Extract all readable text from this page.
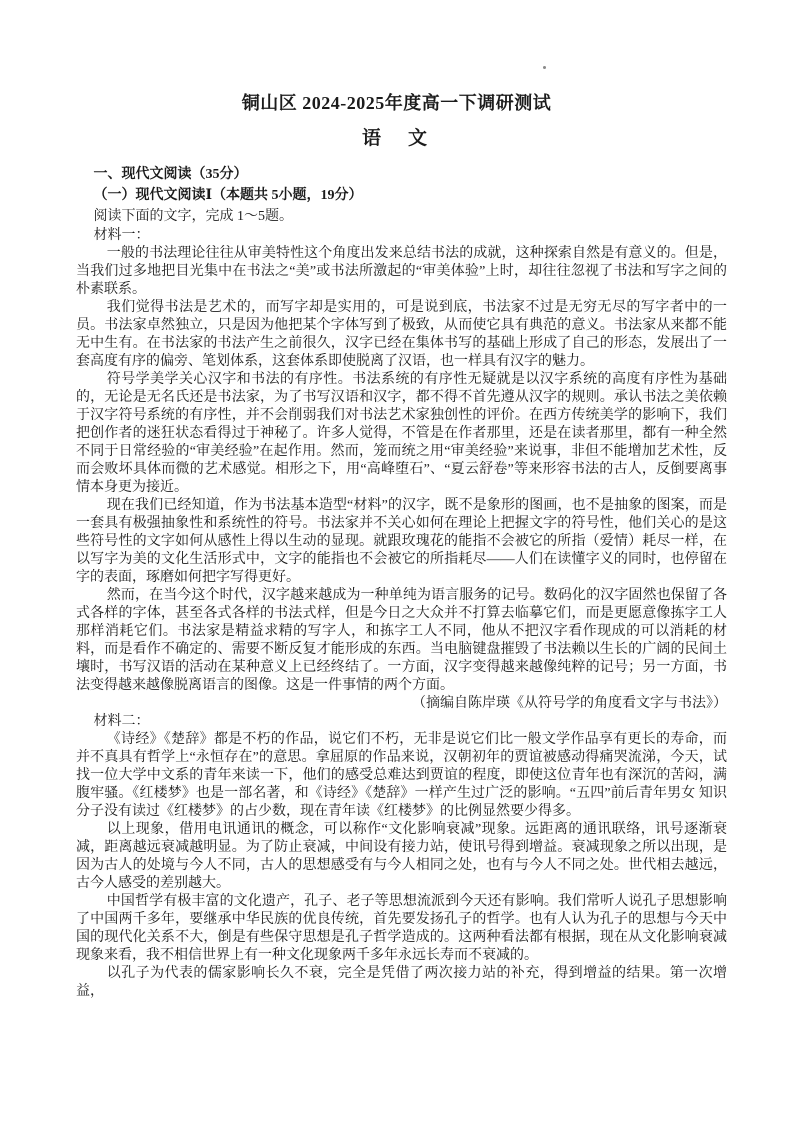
铜山区 2024-2025年度高一下调研测试
语　文

一、现代文阅读（35分）

（一）现代文阅读Ⅰ（本题共 5小题，19分）

阅读下面的文字，完成 1～5题。

材料一：

一般的书法理论往往从审美特性这个角度出发来总结书法的成就，这种探索自然是有意义的。但是，当我们过多地把目光集中在书法之“美”或书法所激起的“审美体验”上时，却往往忽视了书法和写字之间的朴素联系。

我们觉得书法是艺术的，而写字却是实用的，可是说到底，书法家不过是无穷无尽的写字者中的一员。书法家卓然独立，只是因为他把某个字体写到了极致，从而使它具有典范的意义。书法家从来都不能无中生有。在书法家的书法产生之前很久，汉字已经在集体书写的基础上形成了自己的形态，发展出了一套高度有序的偏旁、笔划体系，这套体系即使脱离了汉语，也一样具有汉字的魅力。

符号学美学关心汉字和书法的有序性。书法系统的有序性无疑就是以汉字系统的高度有序性为基础的，无论是无名氏还是书法家，为了书写汉语和汉字，都不得不首先遵从汉字的规则。承认书法之美依赖于汉字符号系统的有序性，并不会削弱我们对书法艺术家独创性的评价。在西方传统美学的影响下，我们把创作者的迷狂状态看得过于神秘了。许多人觉得，不管是在作者那里，还是在读者那里，都有一种全然不同于日常经验的“审美经验”在起作用。然而，笼而统之用“审美经验”来说事，非但不能增加艺术性，反而会败坏具体而微的艺术感觉。相形之下，用“高峰堕石”、“夏云舒卷”等来形容书法的古人，反倒要离事情本身更为接近。

现在我们已经知道，作为书法基本造型“材料”的汉字，既不是象形的图画，也不是抽象的图案，而是一套具有极强抽象性和系统性的符号。书法家并不关心如何在理论上把握文字的符号性，他们关心的是这些符号性的文字如何从感性上得以生动的显现。就跟玫瑰花的能指不会被它的所指（爱情）耗尽一样，在以写字为美的文化生活形式中，文字的能指也不会被它的所指耗尽——人们在读懂字义的同时，也停留在字的表面，琢磨如何把字写得更好。

然而，在当今这个时代，汉字越来越成为一种单纯为语言服务的记号。数码化的汉字固然也保留了各式各样的字体，甚至各式各样的书法式样，但是今日之大众并不打算去临摹它们，而是更愿意像拣字工人那样消耗它们。书法家是精益求精的写字人，和拣字工人不同，他从不把汉字看作现成的可以消耗的材料，而是看作不确定的、需要不断反复才能形成的东西。当电脑键盘摧毁了书法赖以生长的广阔的民间土壤时，书写汉语的活动在某种意义上已经终结了。一方面，汉字变得越来越像纯粹的记号；另一方面，书法变得越来越像脱离语言的图像。这是一件事情的两个方面。

（摘编自陈岸瑛《从符号学的角度看文字与书法》）

材料二：

《诗经》《楚辞》都是不朽的作品，说它们不朽，无非是说它们比一般文学作品享有更长的寿命，而并不真具有哲学上“永恒存在”的意思。拿屈原的作品来说，汉朝初年的贾谊被感动得痛哭流涕，今天，试找一位大学中文系的青年来读一下，他们的感受总难达到贾谊的程度，即使这位青年也有深沉的苦闷，满腹牢骚。《红楼梦》也是一部名著，和《诗经》《楚辞》一样产生过广泛的影响。“五四”前后青年男女 知识分子没有读过《红楼梦》的占少数，现在青年读《红楼梦》的比例显然要少得多。

以上现象，借用电讯通讯的概念，可以称作“文化影响衰减”现象。远距离的通讯联络，讯号逐渐衰减，距离越远衰减越明显。为了防止衰减，中间设有接力站，使讯号得到增益。衰减现象之所以出现，是因为古人的处境与今人不同，古人的思想感受有与今人相同之处，也有与今人不同之处。世代相去越远，古今人感受的差别越大。

中国哲学有极丰富的文化遗产，孔子、老子等思想流派到今天还有影响。我们常听人说孔子思想影响了中国两千多年，要继承中华民族的优良传统，首先要发扬孔子的哲学。也有人认为孔子的思想与今天中国的现代化关系不大，倒是有些保守思想是孔子哲学造成的。这两种看法都有根据，现在从文化影响衰减现象来看，我不相信世界上有一种文化现象两千多年永远长寿而不衰减的。

以孔子为代表的儒家影响长久不衰，完全是凭借了两次接力站的补充，得到增益的结果。第一次增益，
